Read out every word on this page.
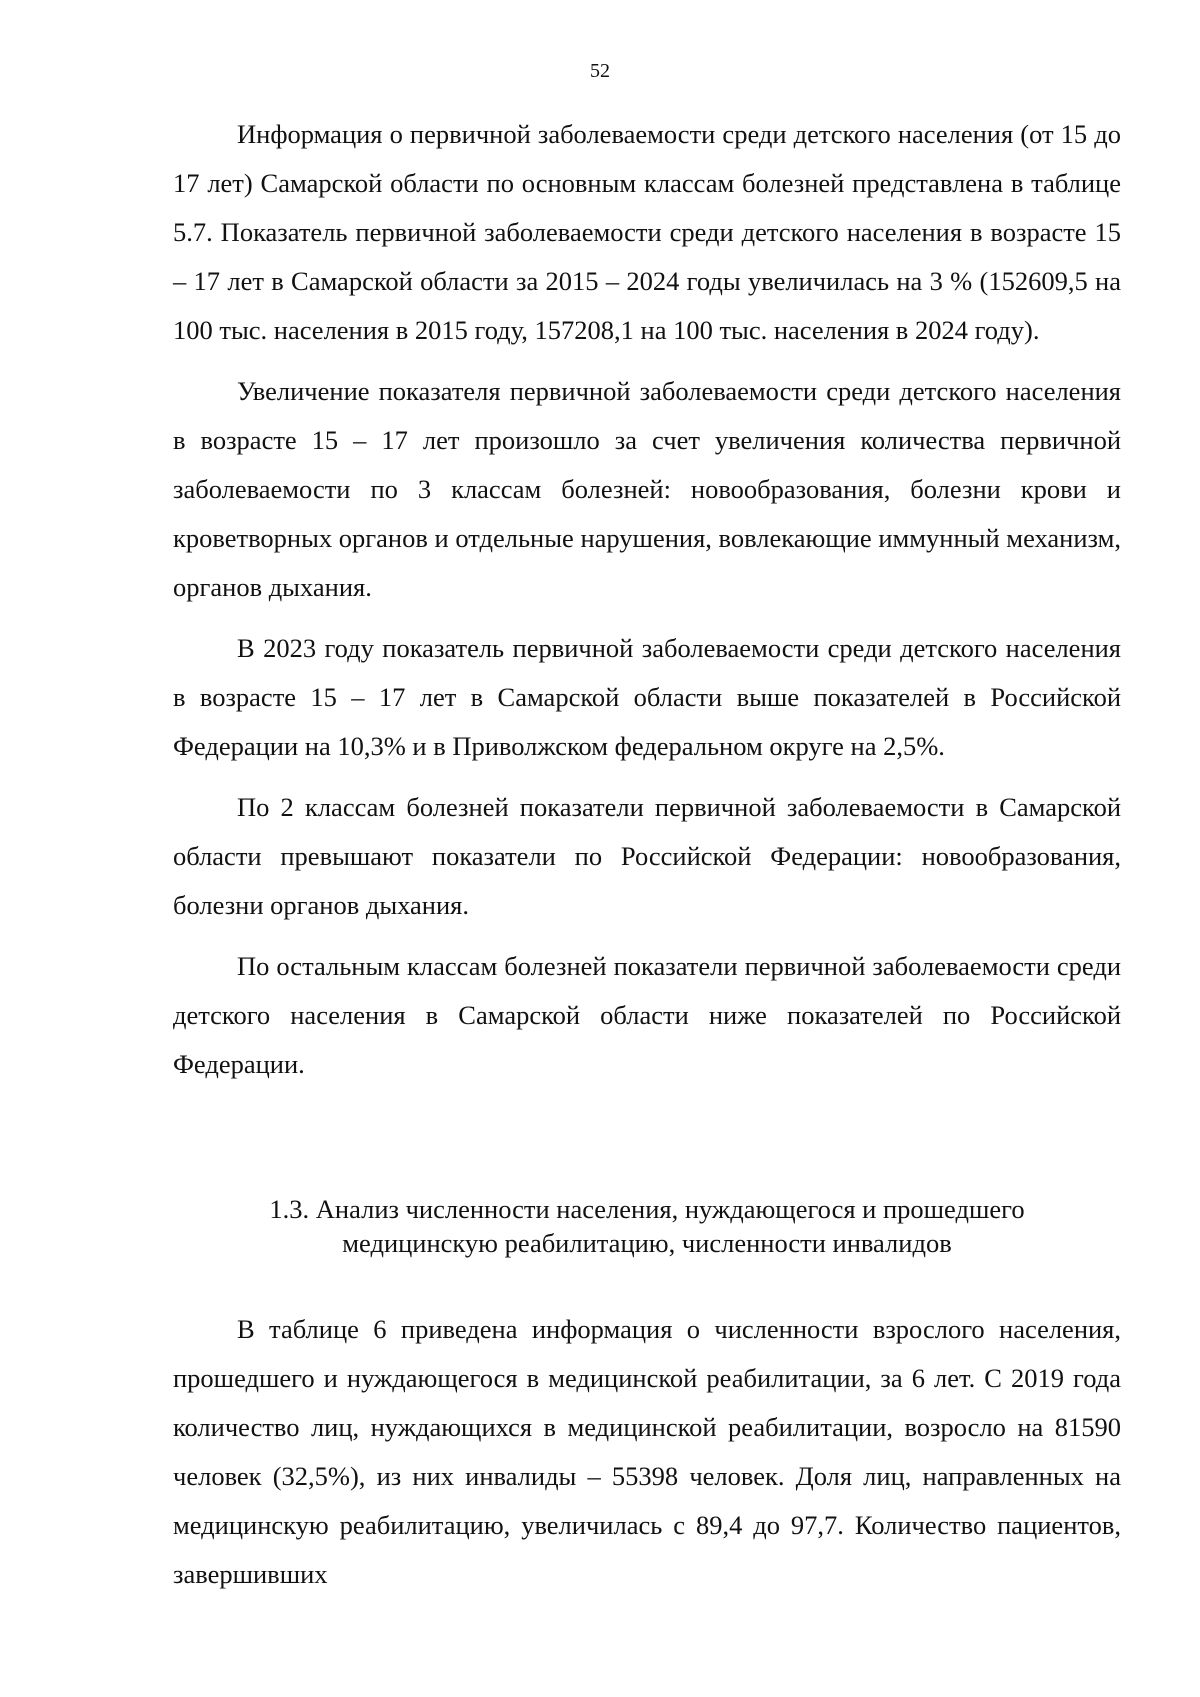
52

Информация о первичной заболеваемости среди детского населения (от 15 до 17 лет) Самарской области по основным классам болезней представлена в таблице 5.7. Показатель первичной заболеваемости среди детского населения в возрасте 15 – 17 лет в Самарской области за 2015 – 2024 годы увеличилась на 3 % (152609,5 на 100 тыс. населения в 2015 году, 157208,1 на 100 тыс. населения в 2024 году).

Увеличение показателя первичной заболеваемости среди детского населения в возрасте 15 – 17 лет произошло за счет увеличения количества первичной заболеваемости по 3 классам болезней: новообразования, болезни крови и кроветворных органов и отдельные нарушения, вовлекающие иммунный механизм, органов дыхания.

В 2023 году показатель первичной заболеваемости среди детского населения в возрасте 15 – 17 лет в Самарской области выше показателей в Российской Федерации на 10,3% и в Приволжском федеральном округе на 2,5%.

По 2 классам болезней показатели первичной заболеваемости в Самарской области превышают показатели по Российской Федерации: новообразования, болезни органов дыхания.

По остальным классам болезней показатели первичной заболеваемости среди детского населения в Самарской области ниже показателей по Российской Федерации.

1.3. Анализ численности населения, нуждающегося и прошедшего
медицинскую реабилитацию, численности инвалидов

В таблице 6 приведена информация о численности взрослого населения, прошедшего и нуждающегося в медицинской реабилитации, за 6 лет. С 2019 года количество лиц, нуждающихся в медицинской реабилитации, возросло на 81590 человек (32,5%), из них инвалиды – 55398 человек. Доля лиц, направленных на медицинскую реабилитацию, увеличилась с 89,4 до 97,7. Количество пациентов, завершивших
